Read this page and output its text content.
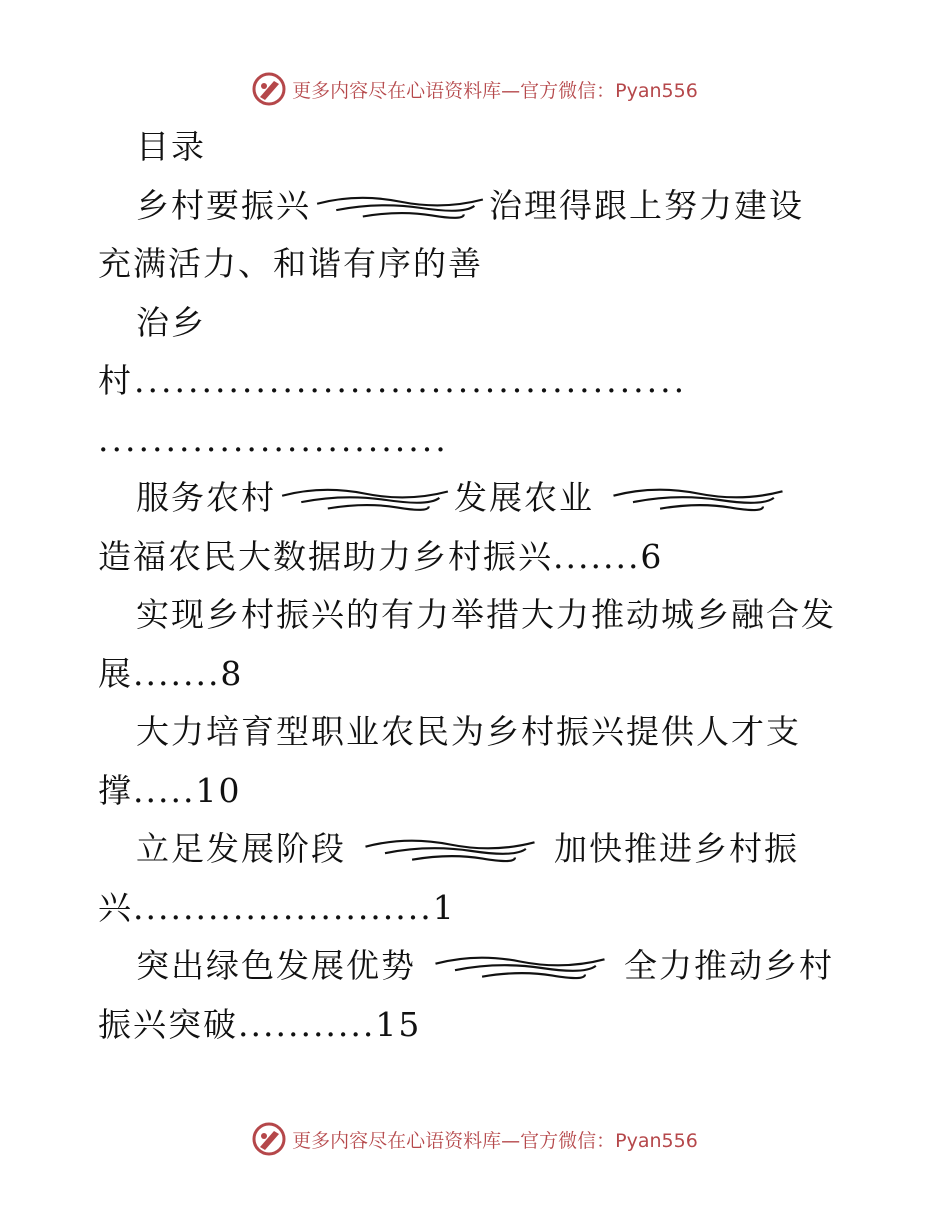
更多内容尽在心语资料库—官方微信：Pyan556
目录
乡村要振兴	治理得跟上努力建设
充满活力、和谐有序的善
治乡
村.........................................
..........................
服务农村	发展农业
造福农民大数据助力乡村振兴.......6
实现乡村振兴的有力举措大力推动城乡融合发
展.......8
大力培育型职业农民为乡村振兴提供人才支
撑.....10
立足发展阶段	加快推进乡村振
兴........................1
突出绿色发展优势	全力推动乡村
振兴突破...........15
更多内容尽在心语资料库—官方微信：Pyan556
